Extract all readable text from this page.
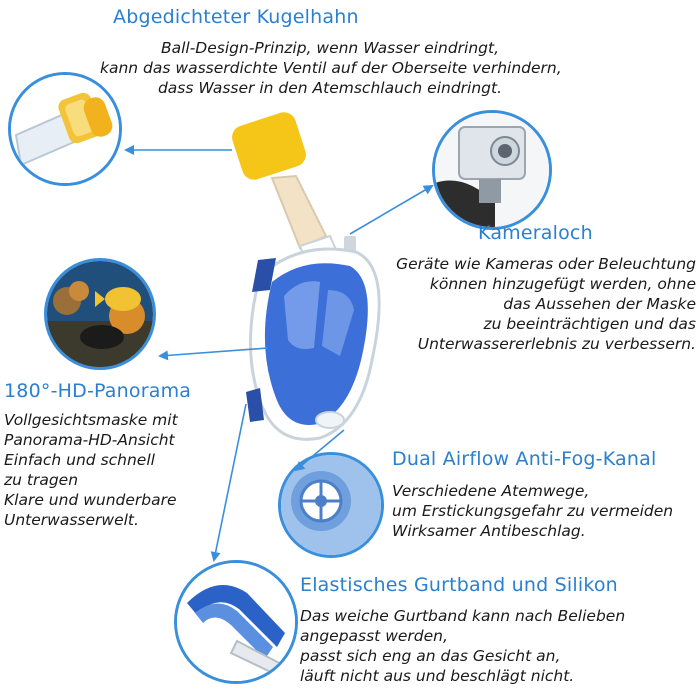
Abgedichteter Kugelhahn
Ball-Design-Prinzip, wenn Wasser eindringt,
kann das wasserdichte Ventil auf der Oberseite verhindern,
dass Wasser in den Atemschlauch eindringt.
Kameraloch
Geräte wie Kameras oder Beleuchtung
können hinzugefügt werden, ohne
das Aussehen der Maske
zu beeinträchtigen und das
Unterwassererlebnis zu verbessern.
180°-HD-Panorama
Vollgesichtsmaske mit
Panorama-HD-Ansicht
Einfach und schnell
zu tragen
Klare und wunderbare
Unterwasserwelt.
Dual Airflow Anti-Fog-Kanal
Verschiedene Atemwege,
um Erstickungsgefahr zu vermeiden
Wirksamer Antibeschlag.
Elastisches Gurtband und Silikon
Das weiche Gurtband kann nach Belieben
angepasst werden,
passt sich eng an das Gesicht an,
läuft nicht aus und beschlägt nicht.
